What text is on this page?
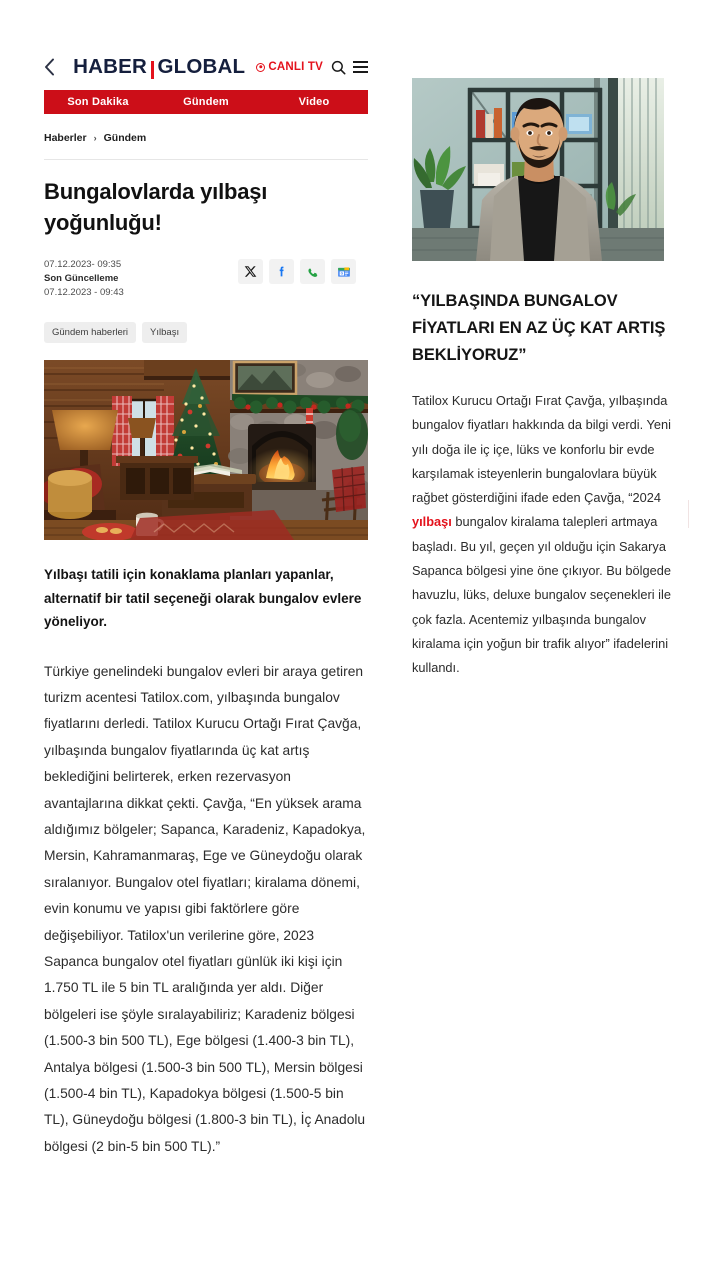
HABER GLOBAL CANLI TV
Son Dakika	Gündem	Video
Haberler › Gündem
Bungalovlarda yılbaşı yoğunluğu!
07.12.2023- 09:35
Son Güncelleme
07.12.2023 - 09:43
G
Gündem haberleri	Yılbaşı

Yılbaşı tatili için konaklama planları yapanlar, alternatif bir tatil seçeneği olarak bungalov evlere yöneliyor.

Türkiye genelindeki bungalov evleri bir araya getiren turizm acentesi Tatilox.com, yılbaşında bungalov fiyatlarını derledi. Tatilox Kurucu Ortağı Fırat Çavğa, yılbaşında bungalov fiyatlarında üç kat artış beklediğini belirterek, erken rezervasyon avantajlarına dikkat çekti. Çavğa, “En yüksek arama aldığımız bölgeler; Sapanca, Karadeniz, Kapadokya, Mersin, Kahramanmaraş, Ege ve Güneydoğu olarak sıralanıyor. Bungalov otel fiyatları; kiralama dönemi, evin konumu ve yapısı gibi faktörlere göre değişebiliyor. Tatilox'un verilerine göre, 2023 Sapanca bungalov otel fiyatları günlük iki kişi için 1.750 TL ile 5 bin TL aralığında yer aldı. Diğer bölgeleri ise şöyle sıralayabiliriz; Karadeniz bölgesi (1.500-3 bin 500 TL), Ege bölgesi (1.400-3 bin TL), Antalya bölgesi (1.500-3 bin 500 TL), Mersin bölgesi (1.500-4 bin TL), Kapadokya bölgesi (1.500-5 bin TL), Güneydoğu bölgesi (1.800-3 bin TL), İç Anadolu bölgesi (2 bin-5 bin 500 TL).”

“YILBAŞINDA BUNGALOV FİYATLARI EN AZ ÜÇ KAT ARTIŞ BEKLİYORUZ”

Tatilox Kurucu Ortağı Fırat Çavğa, yılbaşında bungalov fiyatları hakkında da bilgi verdi. Yeni yılı doğa ile iç içe, lüks ve konforlu bir evde karşılamak isteyenlerin bungalovlara büyük rağbet gösterdiğini ifade eden Çavğa, “2024 yılbaşı bungalov kiralama talepleri artmaya başladı. Bu yıl, geçen yıl olduğu için Sakarya Sapanca bölgesi yine öne çıkıyor. Bu bölgede havuzlu, lüks, deluxe bungalov seçenekleri ile çok fazla. Acentemiz yılbaşında bungalov kiralama için yoğun bir trafik alıyor” ifadelerini kullandı.
